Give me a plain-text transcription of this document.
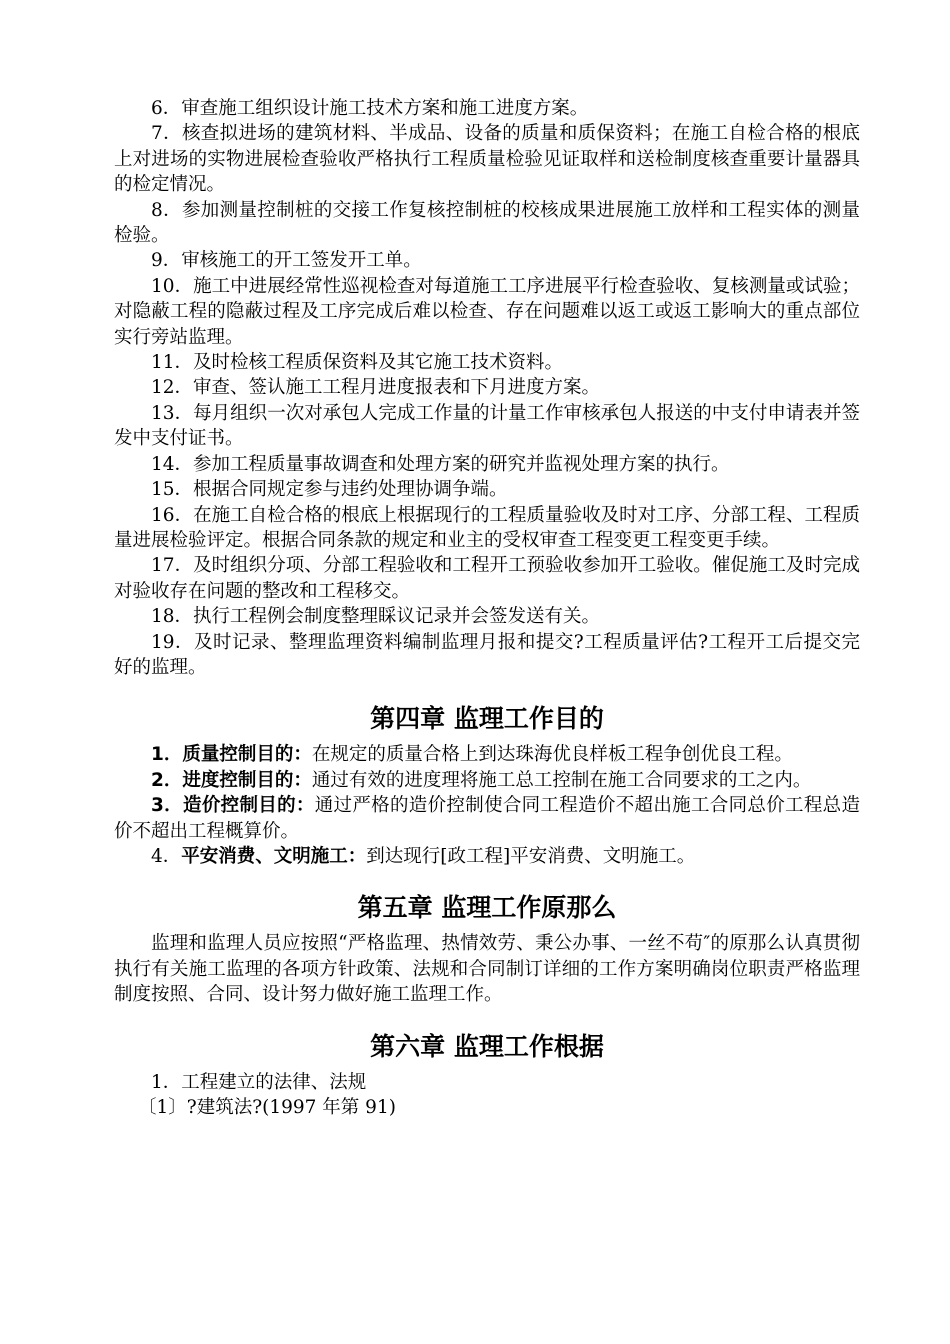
6．审查施工组织设计施工技术方案和施工进度方案。

7．核查拟进场的建筑材料、半成品、设备的质量和质保资料；在施工自检合格的根底上对进场的实物进展检查验收严格执行工程质量检验见证取样和送检制度核查重要计量器具的检定情况。

8．参加测量控制桩的交接工作复核控制桩的校核成果进展施工放样和工程实体的测量检验。

9．审核施工的开工签发开工单。

10．施工中进展经常性巡视检查对每道施工工序进展平行检查验收、复核测量或试验；对隐蔽工程的隐蔽过程及工序完成后难以检查、存在问题难以返工或返工影响大的重点部位实行旁站监理。

11．及时检核工程质保资料及其它施工技术资料。

12．审查、签认施工工程月进度报表和下月进度方案。

13．每月组织一次对承包人完成工作量的计量工作审核承包人报送的中支付申请表并签发中支付证书。

14．参加工程质量事故调查和处理方案的研究并监视处理方案的执行。

15．根据合同规定参与违约处理协调争端。

16．在施工自检合格的根底上根据现行的工程质量验收及时对工序、分部工程、工程质量进展检验评定。根据合同条款的规定和业主的受权审查工程变更工程变更手续。

17．及时组织分项、分部工程验收和工程开工预验收参加开工验收。催促施工及时完成对验收存在问题的整改和工程移交。

18．执行工程例会制度整理睬议记录并会签发送有关。

19．及时记录、整理监理资料编制监理月报和提交?工程质量评估?工程开工后提交完好的监理。

第四章 监理工作目的

1．质量控制目的：在规定的质量合格上到达珠海优良样板工程争创优良工程。

2．进度控制目的：通过有效的进度理将施工总工控制在施工合同要求的工之内。

3．造价控制目的：通过严格的造价控制使合同工程造价不超出施工合同总价工程总造价不超出工程概算价。

4．平安消费、文明施工：到达现行[政工程]平安消费、文明施工。

第五章 监理工作原那么

监理和监理人员应按照“严格监理、热情效劳、秉公办事、一丝不苟″的原那么认真贯彻执行有关施工监理的各项方针政策、法规和合同制订详细的工作方案明确岗位职责严格监理制度按照、合同、设计努力做好施工监理工作。

第六章 监理工作根据

1．工程建立的法律、法规

〔1〕?建筑法?(1997 年第 91)
